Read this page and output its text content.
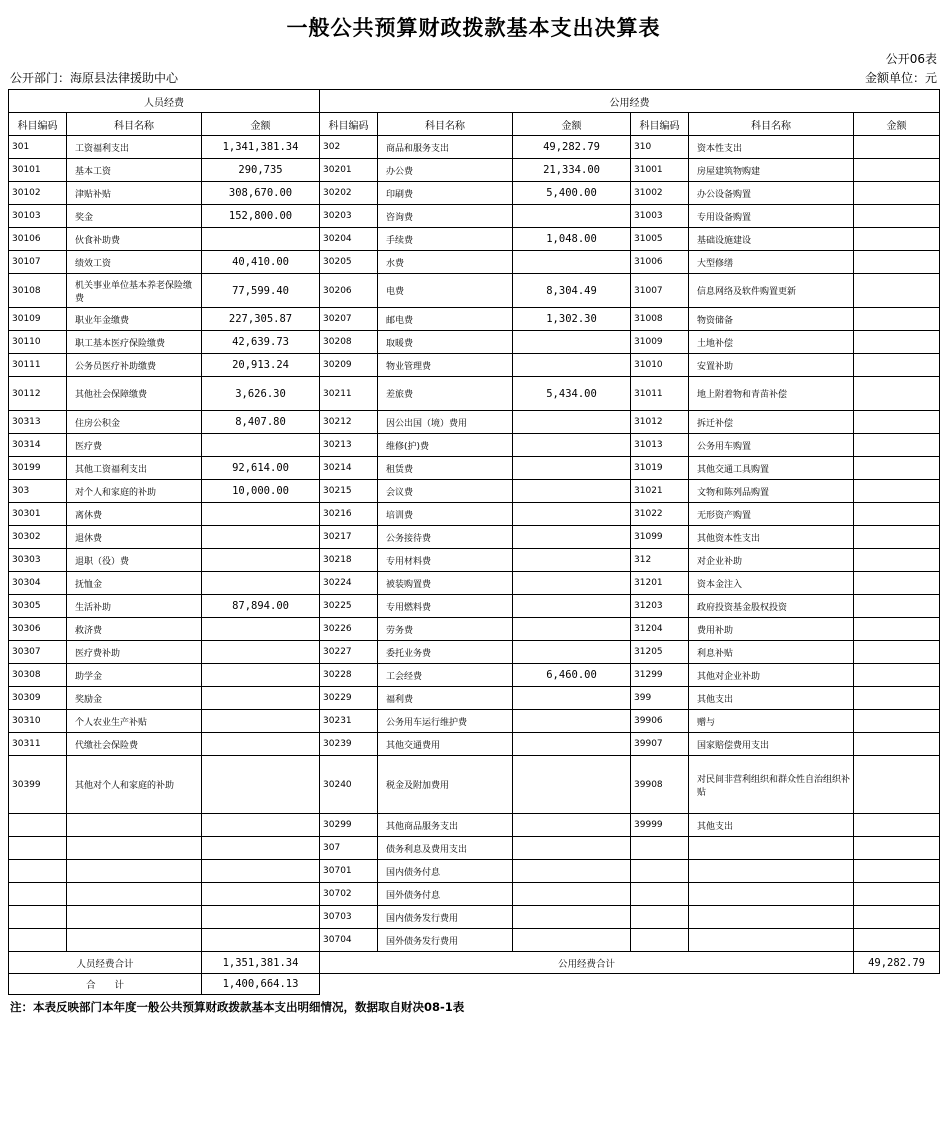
一般公共预算财政拨款基本支出决算表
公开06表
公开部门：海原县法律援助中心	金额单位：元
人员经费			公用经费					
科目编码	科目名称	金额	科目编码	科目名称	金额	科目编码	科目名称	金额
301	工资福利支出	1,341,381.34	302	商品和服务支出	49,282.79	310	资本性支出	
30101	基本工资	290,735	30201	办公费	21,334.00	31001	房屋建筑物购建	
30102	津贴补贴	308,670.00	30202	印刷费	5,400.00	31002	办公设备购置	
30103	奖金	152,800.00	30203	咨询费		31003	专用设备购置	
30106	伙食补助费		30204	手续费	1,048.00	31005	基础设施建设	
30107	绩效工资	40,410.00	30205	水费		31006	大型修缮	
30108	机关事业单位基本养老保险缴费	77,599.40	30206	电费	8,304.49	31007	信息网络及软件购置更新	
30109	职业年金缴费	227,305.87	30207	邮电费	1,302.30	31008	物资储备	
30110	职工基本医疗保险缴费	42,639.73	30208	取暖费		31009	土地补偿	
30111	公务员医疗补助缴费	20,913.24	30209	物业管理费		31010	安置补助	
30112	其他社会保障缴费	3,626.30	30211	差旅费	5,434.00	31011	地上附着物和青苗补偿	
30313	住房公积金	8,407.80	30212	因公出国（境）费用		31012	拆迁补偿	
30314	医疗费		30213	维修(护)费		31013	公务用车购置	
30199	其他工资福利支出	92,614.00	30214	租赁费		31019	其他交通工具购置	
303	对个人和家庭的补助	10,000.00	30215	会议费		31021	文物和陈列品购置	
30301	离休费		30216	培训费		31022	无形资产购置	
30302	退休费		30217	公务接待费		31099	其他资本性支出	
30303	退职（役）费		30218	专用材料费		312	对企业补助	
30304	抚恤金		30224	被装购置费		31201	资本金注入	
30305	生活补助	87,894.00	30225	专用燃料费		31203	政府投资基金股权投资	
30306	救济费		30226	劳务费		31204	费用补助	
30307	医疗费补助		30227	委托业务费		31205	利息补贴	
30308	助学金		30228	工会经费	6,460.00	31299	其他对企业补助	
30309	奖励金		30229	福利费		399	其他支出	
30310	个人农业生产补贴		30231	公务用车运行维护费		39906	赠与	
30311	代缴社会保险费		30239	其他交通费用		39907	国家赔偿费用支出	
30399	其他对个人和家庭的补助		30240	税金及附加费用		39908	对民间非营利组织和群众性自治组织补贴	
			30299	其他商品服务支出		39999	其他支出	
			307	债务利息及费用支出				
			30701	国内债务付息				
			30702	国外债务付息				
			30703	国内债务发行费用				
			30704	国外债务发行费用				
人员经费合计		1,351,381.34	公用经费合计					49,282.79
合　　计		1,400,664.13						
注：本表反映部门本年度一般公共预算财政拨款基本支出明细情况，数据取自财决08-1表
